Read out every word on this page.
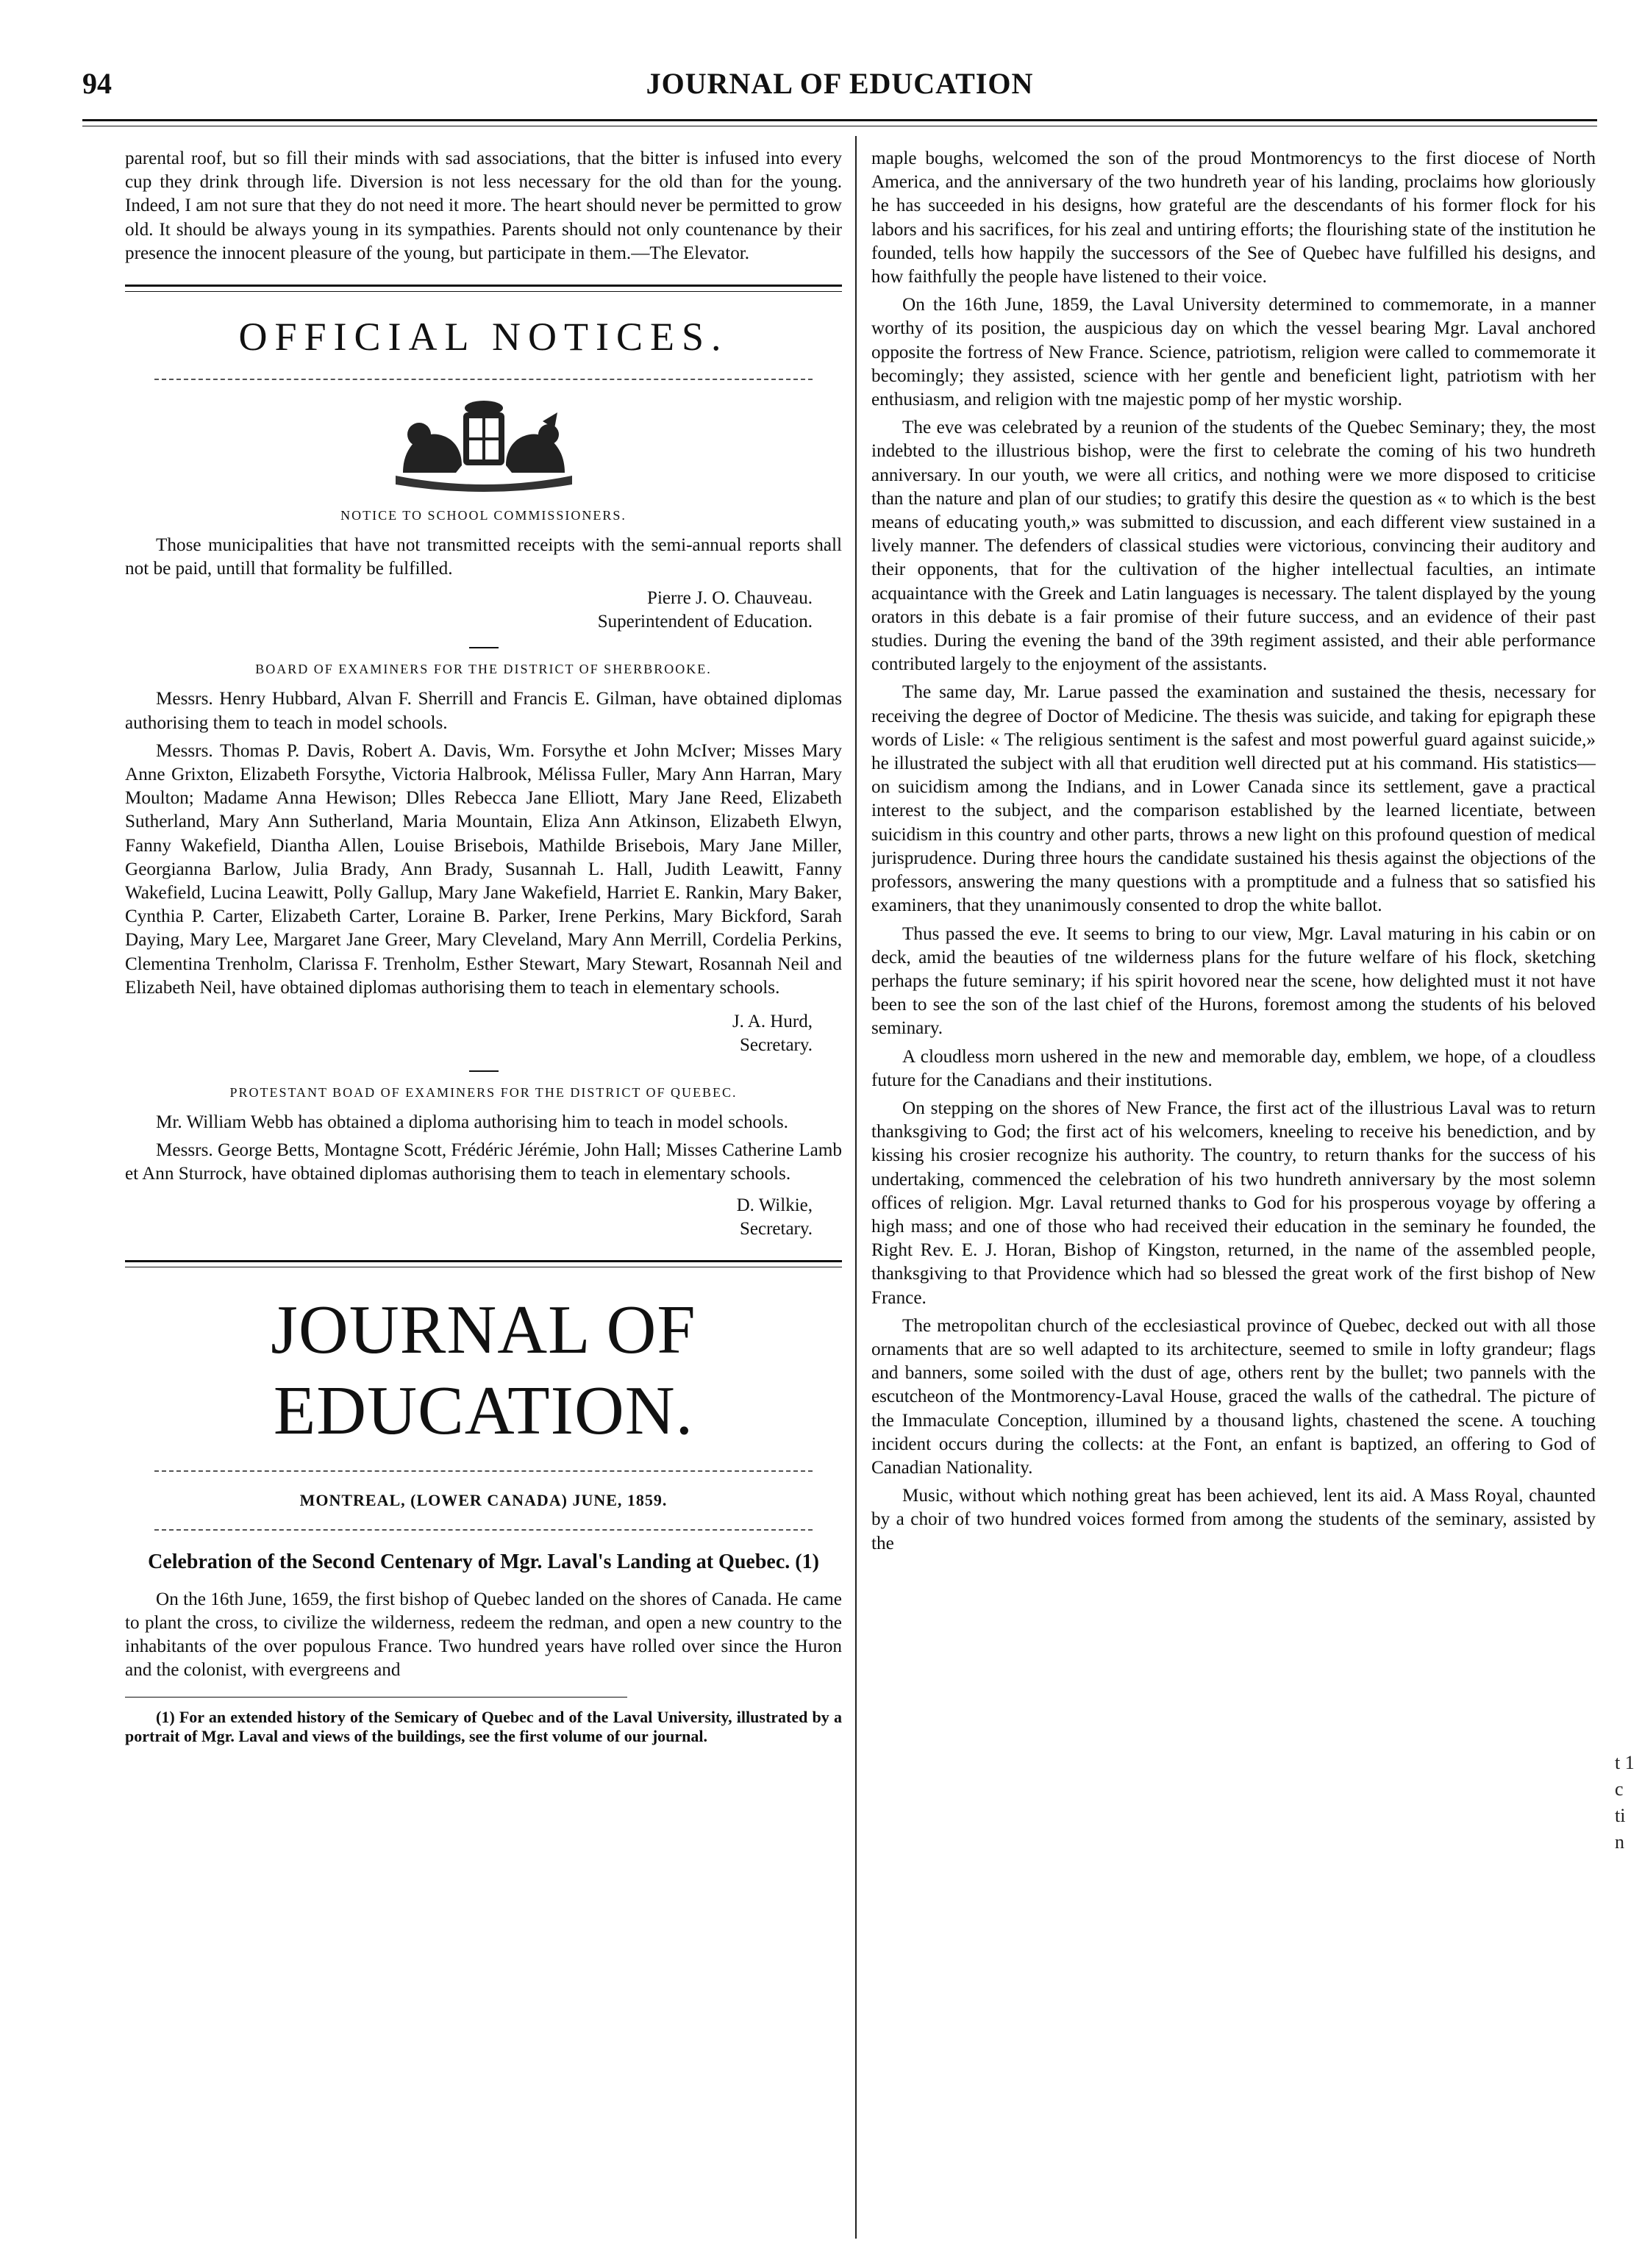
94	JOURNAL OF EDUCATION

parental roof, but so fill their minds with sad associations, that the bitter is infused into every cup they drink through life. Diversion is not less necessary for the old than for the young. Indeed, I am not sure that they do not need it more. The heart should never be permitted to grow old. It should be always young in its sympathies. Parents should not only countenance by their presence the innocent pleasure of the young, but participate in them.—The Elevator.

OFFICIAL NOTICES.
NOTICE TO SCHOOL COMMISSIONERS.

Those municipalities that have not transmitted receipts with the semi-annual reports shall not be paid, untill that formality be fulfilled.

Pierre J. O. Chauveau.
Superintendent of Education.
BOARD OF EXAMINERS FOR THE DISTRICT OF SHERBROOKE.

Messrs. Henry Hubbard, Alvan F. Sherrill and Francis E. Gilman, have obtained diplomas authorising them to teach in model schools.

Messrs. Thomas P. Davis, Robert A. Davis, Wm. Forsythe et John McIver; Misses Mary Anne Grixton, Elizabeth Forsythe, Victoria Halbrook, Mélissa Fuller, Mary Ann Harran, Mary Moulton; Madame Anna Hewison; Dlles Rebecca Jane Elliott, Mary Jane Reed, Elizabeth Sutherland, Mary Ann Sutherland, Maria Mountain, Eliza Ann Atkinson, Elizabeth Elwyn, Fanny Wakefield, Diantha Allen, Louise Brisebois, Mathilde Brisebois, Mary Jane Miller, Georgianna Barlow, Julia Brady, Ann Brady, Susannah L. Hall, Judith Leawitt, Fanny Wakefield, Lucina Leawitt, Polly Gallup, Mary Jane Wakefield, Harriet E. Rankin, Mary Baker, Cynthia P. Carter, Elizabeth Carter, Loraine B. Parker, Irene Perkins, Mary Bickford, Sarah Daying, Mary Lee, Margaret Jane Greer, Mary Cleveland, Mary Ann Merrill, Cordelia Perkins, Clementina Trenholm, Clarissa F. Trenholm, Esther Stewart, Mary Stewart, Rosannah Neil and Elizabeth Neil, have obtained diplomas authorising them to teach in elementary schools.

J. A. Hurd,
Secretary.
PROTESTANT BOAD OF EXAMINERS FOR THE DISTRICT OF QUEBEC.

Mr. William Webb has obtained a diploma authorising him to teach in model schools.

Messrs. George Betts, Montagne Scott, Frédéric Jérémie, John Hall; Misses Catherine Lamb et Ann Sturrock, have obtained diplomas authorising them to teach in elementary schools.

D. Wilkie,
Secretary.
JOURNAL OF EDUCATION.
MONTREAL, (LOWER CANADA) JUNE, 1859.
Celebration of the Second Centenary of Mgr. Laval's Landing at Quebec. (1)

On the 16th June, 1659, the first bishop of Quebec landed on the shores of Canada. He came to plant the cross, to civilize the wilderness, redeem the redman, and open a new country to the inhabitants of the over populous France. Two hundred years have rolled over since the Huron and the colonist, with evergreens and

(1) For an extended history of the Semicary of Quebec and of the Laval University, illustrated by a portrait of Mgr. Laval and views of the buildings, see the first volume of our journal.

maple boughs, welcomed the son of the proud Montmorencys to the first diocese of North America, and the anniversary of the two hundreth year of his landing, proclaims how gloriously he has succeeded in his designs, how grateful are the descendants of his former flock for his labors and his sacrifices, for his zeal and untiring efforts; the flourishing state of the institution he founded, tells how happily the successors of the See of Quebec have fulfilled his designs, and how faithfully the people have listened to their voice.

On the 16th June, 1859, the Laval University determined to commemorate, in a manner worthy of its position, the auspicious day on which the vessel bearing Mgr. Laval anchored opposite the fortress of New France. Science, patriotism, religion were called to commemorate it becomingly; they assisted, science with her gentle and beneficient light, patriotism with her enthusiasm, and religion with tne majestic pomp of her mystic worship.

The eve was celebrated by a reunion of the students of the Quebec Seminary; they, the most indebted to the illustrious bishop, were the first to celebrate the coming of his two hundreth anniversary. In our youth, we were all critics, and nothing were we more disposed to criticise than the nature and plan of our studies; to gratify this desire the question as « to which is the best means of educating youth,» was submitted to discussion, and each different view sustained in a lively manner. The defenders of classical studies were victorious, convincing their auditory and their opponents, that for the cultivation of the higher intellectual faculties, an intimate acquaintance with the Greek and Latin languages is necessary. The talent displayed by the young orators in this debate is a fair promise of their future success, and an evidence of their past studies. During the evening the band of the 39th regiment assisted, and their able performance contributed largely to the enjoyment of the assistants.

The same day, Mr. Larue passed the examination and sustained the thesis, necessary for receiving the degree of Doctor of Medicine. The thesis was suicide, and taking for epigraph these words of Lisle: « The religious sentiment is the safest and most powerful guard against suicide,» he illustrated the subject with all that erudition well directed put at his command. His statistics—on suicidism among the Indians, and in Lower Canada since its settlement, gave a practical interest to the subject, and the comparison established by the learned licentiate, between suicidism in this country and other parts, throws a new light on this profound question of medical jurisprudence. During three hours the candidate sustained his thesis against the objections of the professors, answering the many questions with a promptitude and a fulness that so satisfied his examiners, that they unanimously consented to drop the white ballot.

Thus passed the eve. It seems to bring to our view, Mgr. Laval maturing in his cabin or on deck, amid the beauties of tne wilderness plans for the future welfare of his flock, sketching perhaps the future seminary; if his spirit hovored near the scene, how delighted must it not have been to see the son of the last chief of the Hurons, foremost among the students of his beloved seminary.

A cloudless morn ushered in the new and memorable day, emblem, we hope, of a cloudless future for the Canadians and their institutions.

On stepping on the shores of New France, the first act of the illustrious Laval was to return thanksgiving to God; the first act of his welcomers, kneeling to receive his benediction, and by kissing his crosier recognize his authority. The country, to return thanks for the success of his undertaking, commenced the celebration of his two hundreth anniversary by the most solemn offices of religion. Mgr. Laval returned thanks to God for his prosperous voyage by offering a high mass; and one of those who had received their education in the seminary he founded, the Right Rev. E. J. Horan, Bishop of Kingston, returned, in the name of the assembled people, thanksgiving to that Providence which had so blessed the great work of the first bishop of New France.

The metropolitan church of the ecclesiastical province of Quebec, decked out with all those ornaments that are so well adapted to its architecture, seemed to smile in lofty grandeur; flags and banners, some soiled with the dust of age, others rent by the bullet; two pannels with the escutcheon of the Montmorency-Laval House, graced the walls of the cathedral. The picture of the Immaculate Conception, illumined by a thousand lights, chastened the scene. A touching incident occurs during the collects: at the Font, an enfant is baptized, an offering to God of Canadian Nationality.

Music, without which nothing great has been achieved, lent its aid. A Mass Royal, chaunted by a choir of two hundred voices formed from among the students of the seminary, assisted by the

t 1 c ti n
